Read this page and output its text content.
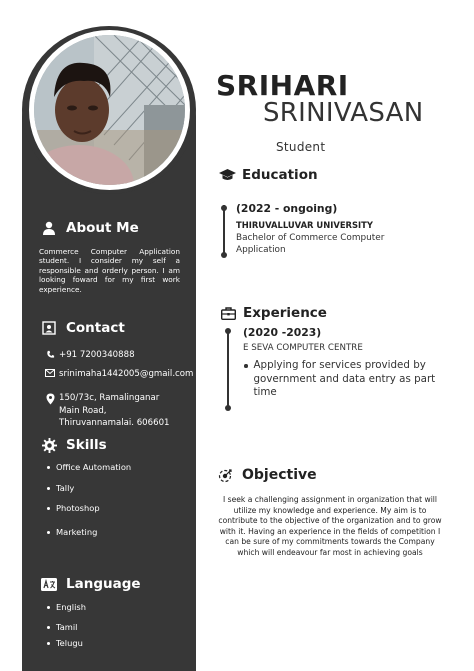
About Me
Commerce Computer Application student. I consider my self a responsible and orderly person. I am looking foward for my first work experience.
Contact
+91 7200340888
srinimaha1442005@gmail.com
150/73c, Ramalinganar
Main Road,
Thiruvannamalai. 606601
Skills
Office Automation
Tally
Photoshop
Marketing
Language
English
Tamil
Telugu
SRIHARI
SRINIVASAN
Student
Education
(2022 - ongoing)
THIRUVALLUVAR UNIVERSITY
Bachelor of Commerce Computer Application
Experience
(2020 -2023)
E SEVA COMPUTER CENTRE
Applying for services provided by government and data entry as part time
Objective
I seek a challenging assignment in organization that will utilize my knowledge and experience. My aim is to contribute to the objective of the organization and to grow with it. Having an experience in the fields of competition I can be sure of my commitments towards the Company which will endeavour far most in achieving goals
